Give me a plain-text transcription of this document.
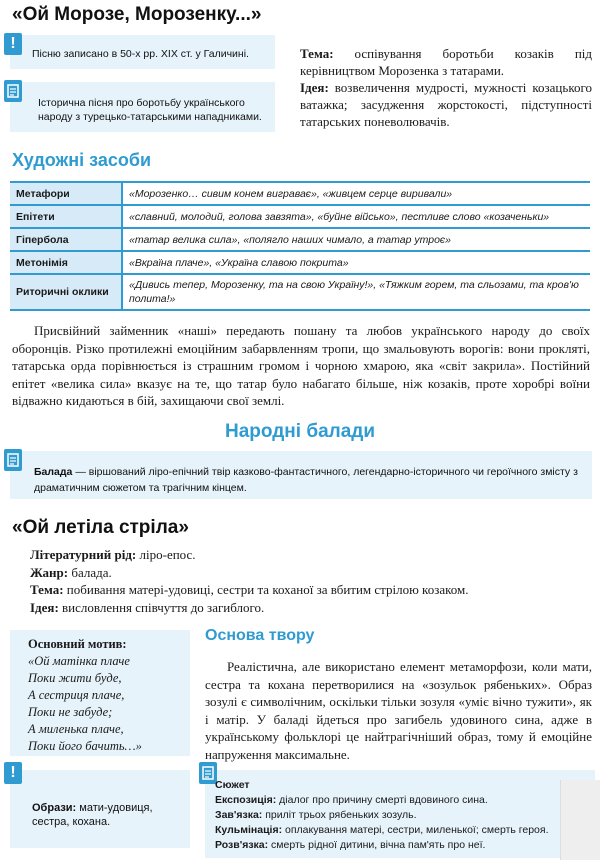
«Ой Морозе, Морозенку...»
!
Пісню записано в 50-х рр. XIX ст. у Галичині.
Історична пісня про боротьбу українського народу з турецько-татарськими нападниками.

Тема: оспівування боротьби козаків під керівництвом Морозенка з татарами.

Ідея: возвеличення мудрості, мужності козацького ватажка; засудження жорстокості, підступності татарських поневолювачів.

Художні засоби
Метафори	«Морозенко… сивим конем виграває», «живцем серце виривали»
Епітети	«славний, молодий, голова завзята», «буйне військо», пестливе слово «козаченьки»
Гіпербола	«татар велика сила», «полягло наших чимало, а татар утроє»
Метонімія	«Вкраїна плаче», «Україна славою покрита»
Риторичні оклики	«Дивись тепер, Морозенку, та на свою Україну!», «Тяжким горем, та сльозами, та кров'ю полита!»
Присвійний займенник «наші» передають пошану та любов українського народу до своїх оборонців. Різко протилежні емоційним забарвленням тропи, що змальовують ворогів: вони прокляті, татарська орда порівнюється із страшним громом і чорною хмарою, яка «світ закрила». Постійний епітет «велика сила» вказує на те, що татар було набагато більше, ніж козаків, проте хоробрі воїни відважно кидаються в бій, захищаючи свої землі.
Народні балади
Балада — віршований ліро-епічний твір казково-фантастичного, легендарно-історичного чи героїчного змісту з драматичним сюжетом та трагічним кінцем.
«Ой летіла стріла»

Літературний рід: ліро-епос.

Жанр: балада.

Тема: побивання матері-удовиці, сестри та коханої за вбитим стрілою козаком.

Ідея: висловлення співчуття до загиблого.

Основний мотив:
«Ой матінка плаче
Поки жити буде,
А сестриця плаче,
Поки не забуде;
А миленька плаче,
Поки його бачить…»
Основа твору
Реалістична, але використано елемент метаморфози, коли мати, сестра та кохана перетворилися на «зозульок рябеньких». Образ зозулі є символічним, оскільки тільки зозуля «уміє вічно тужити», як і матір. У баладі йдеться про загибель удовиного сина, адже в українському фольклорі це найтрагічніший образ, тому й емоційне напруження максимальне.
!
Образи: мати-удовиця, сестра, кохана.
Сюжет
Експозиція: діалог про причину смерті вдовиного сина.
Зав'язка: приліт трьох рябеньких зозуль.
Кульмінація: оплакування матері, сестри, миленької; смерть героя.
Розв'язка: смерть рідної дитини, вічна пам'ять про неї.
